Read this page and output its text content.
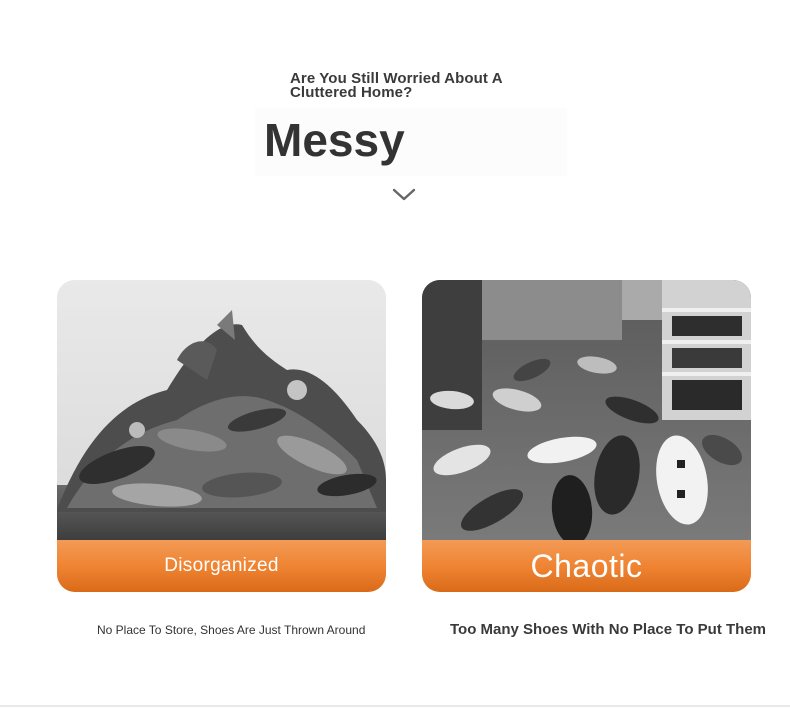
Are You Still Worried About A Cluttered Home?
Messy
Disorganized	Chaotic
No Place To Store, Shoes Are Just Thrown Around	Too Many Shoes With No Place To Put Them
